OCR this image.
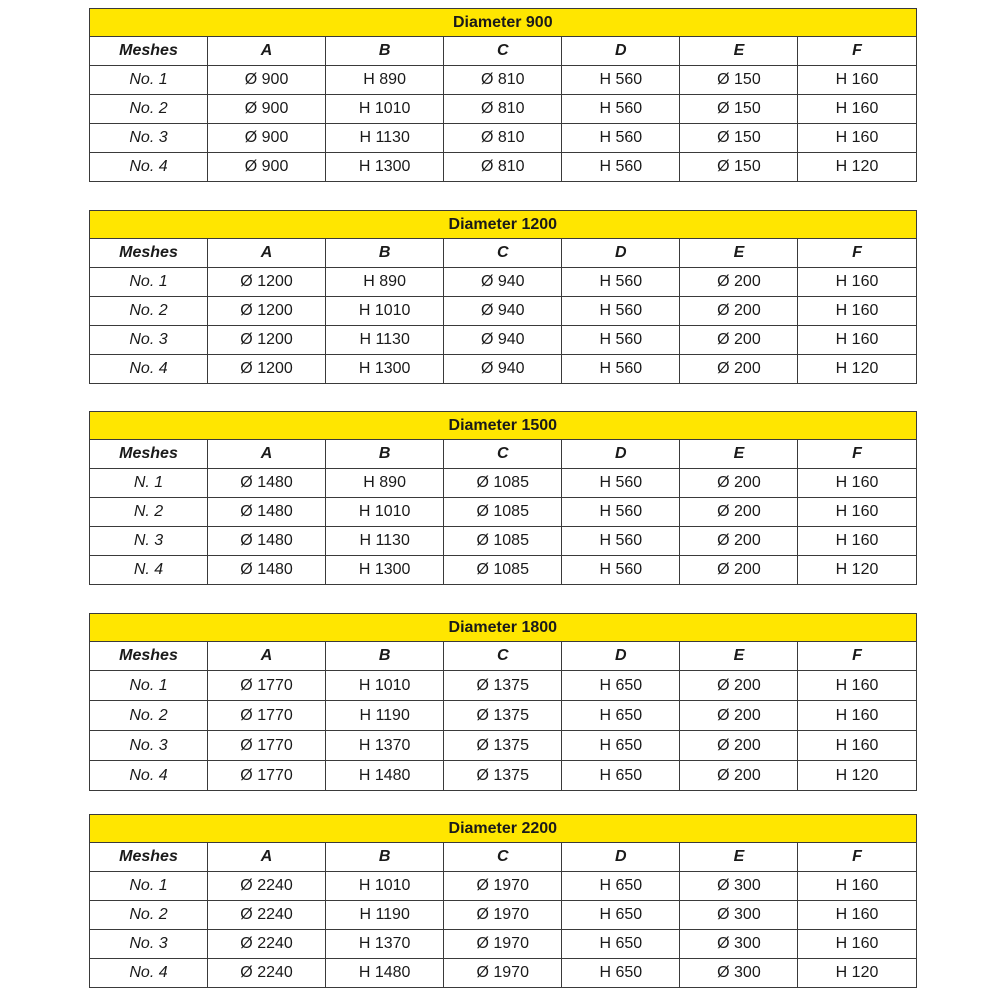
Diameter 900						
Meshes	A	B	C	D	E	F
No. 1	Ø 900	H 890	Ø 810	H 560	Ø 150	H 160
No. 2	Ø 900	H 1010	Ø 810	H 560	Ø 150	H 160
No. 3	Ø 900	H 1130	Ø 810	H 560	Ø 150	H 160
No. 4	Ø 900	H 1300	Ø 810	H 560	Ø 150	H 120
Diameter 1200						
Meshes	A	B	C	D	E	F
No. 1	Ø 1200	H 890	Ø 940	H 560	Ø 200	H 160
No. 2	Ø 1200	H 1010	Ø 940	H 560	Ø 200	H 160
No. 3	Ø 1200	H 1130	Ø 940	H 560	Ø 200	H 160
No. 4	Ø 1200	H 1300	Ø 940	H 560	Ø 200	H 120
Diameter 1500						
Meshes	A	B	C	D	E	F
N. 1	Ø 1480	H 890	Ø 1085	H 560	Ø 200	H 160
N. 2	Ø 1480	H 1010	Ø 1085	H 560	Ø 200	H 160
N. 3	Ø 1480	H 1130	Ø 1085	H 560	Ø 200	H 160
N. 4	Ø 1480	H 1300	Ø 1085	H 560	Ø 200	H 120
Diameter 1800						
Meshes	A	B	C	D	E	F
No. 1	Ø 1770	H 1010	Ø 1375	H 650	Ø 200	H 160
No. 2	Ø 1770	H 1190	Ø 1375	H 650	Ø 200	H 160
No. 3	Ø 1770	H 1370	Ø 1375	H 650	Ø 200	H 160
No. 4	Ø 1770	H 1480	Ø 1375	H 650	Ø 200	H 120
Diameter 2200						
Meshes	A	B	C	D	E	F
No. 1	Ø 2240	H 1010	Ø 1970	H 650	Ø 300	H 160
No. 2	Ø 2240	H 1190	Ø 1970	H 650	Ø 300	H 160
No. 3	Ø 2240	H 1370	Ø 1970	H 650	Ø 300	H 160
No. 4	Ø 2240	H 1480	Ø 1970	H 650	Ø 300	H 120
